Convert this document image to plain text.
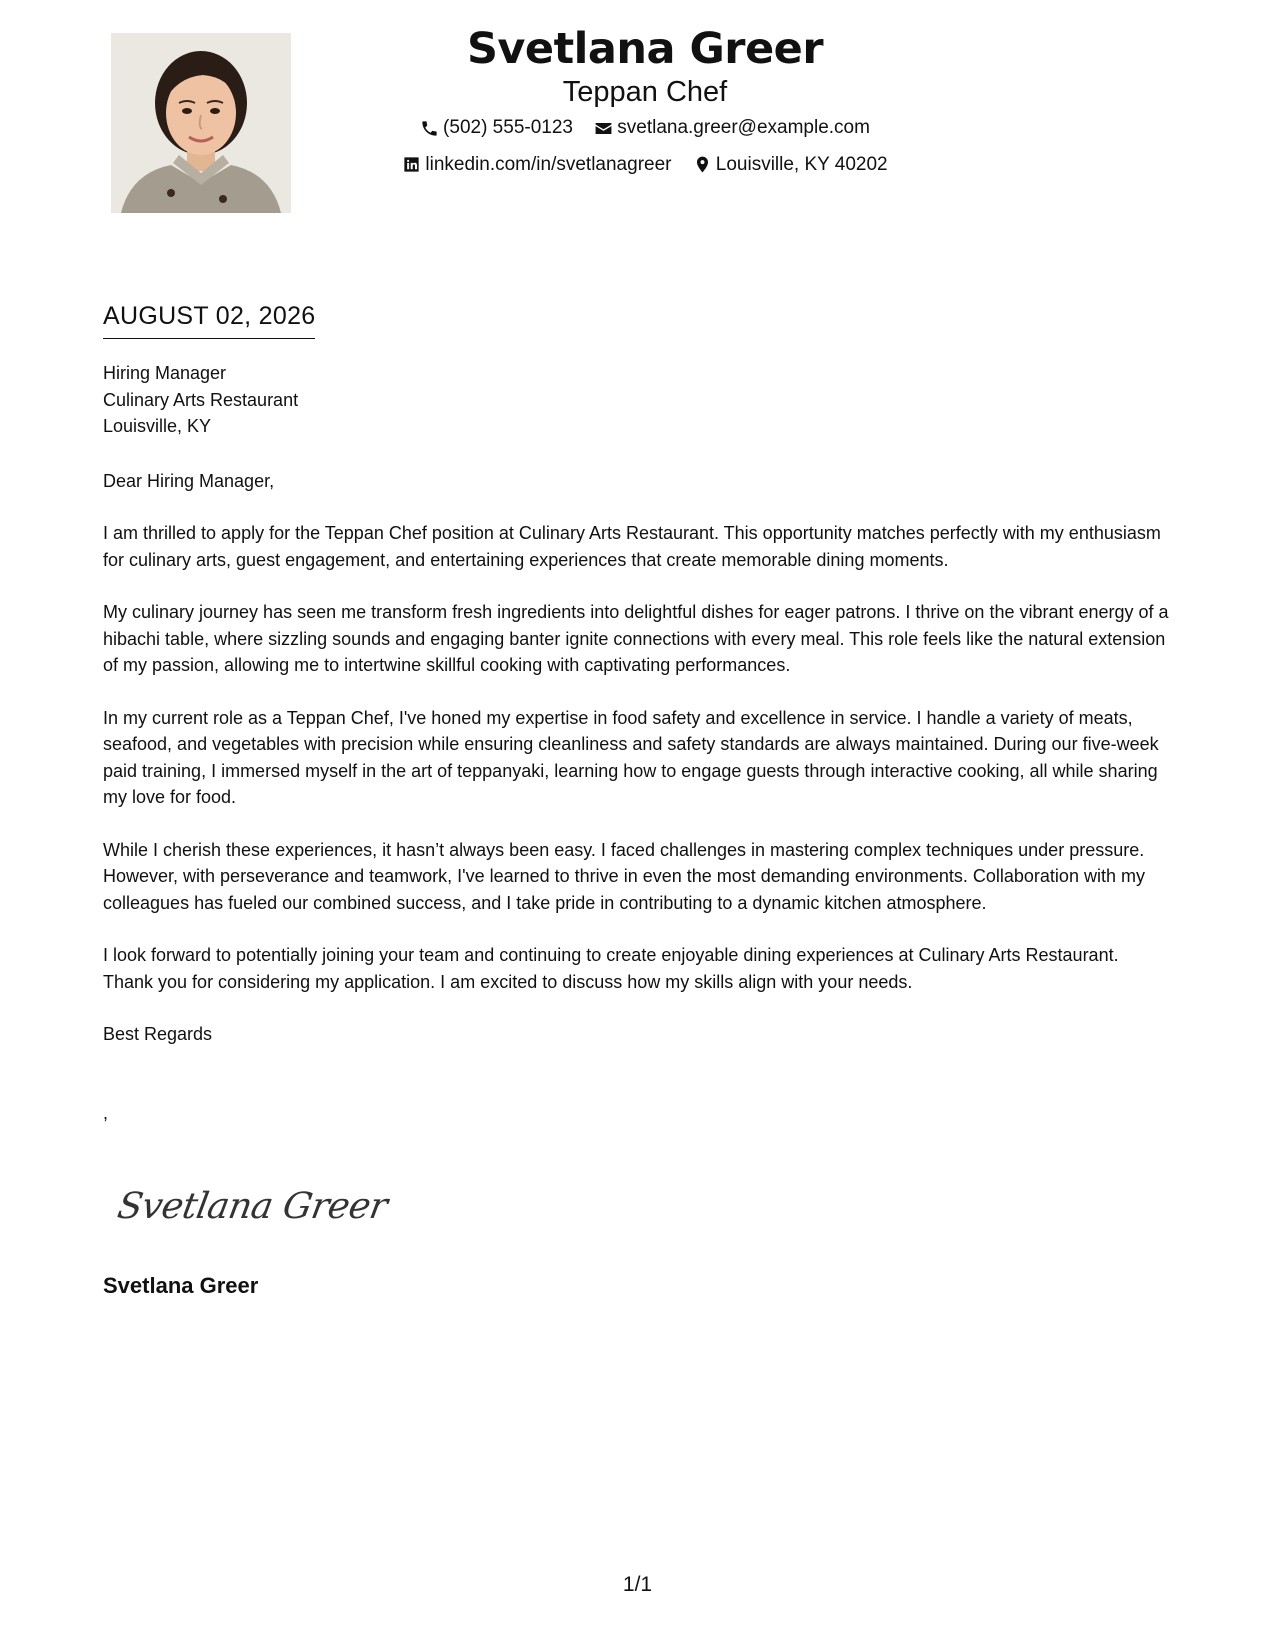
Svetlana Greer
Teppan Chef
(502) 555-0123
svetlana.greer@example.com
linkedin.com/in/svetlanagreer
Louisville, KY 40202
AUGUST 02, 2026
Hiring Manager
Culinary Arts Restaurant
Louisville, KY

Dear Hiring Manager,

I am thrilled to apply for the Teppan Chef position at Culinary Arts Restaurant. This opportunity matches perfectly with my enthusiasm for culinary arts, guest engagement, and entertaining experiences that create memorable dining moments.

My culinary journey has seen me transform fresh ingredients into delightful dishes for eager patrons. I thrive on the vibrant energy of a hibachi table, where sizzling sounds and engaging banter ignite connections with every meal. This role feels like the natural extension of my passion, allowing me to intertwine skillful cooking with captivating performances.

In my current role as a Teppan Chef, I've honed my expertise in food safety and excellence in service. I handle a variety of meats, seafood, and vegetables with precision while ensuring cleanliness and safety standards are always maintained. During our five-week paid training, I immersed myself in the art of teppanyaki, learning how to engage guests through interactive cooking, all while sharing my love for food.

While I cherish these experiences, it hasn’t always been easy. I faced challenges in mastering complex techniques under pressure. However, with perseverance and teamwork, I've learned to thrive in even the most demanding environments. Collaboration with my colleagues has fueled our combined success, and I take pride in contributing to a dynamic kitchen atmosphere.

I look forward to potentially joining your team and continuing to create enjoyable dining experiences at Culinary Arts Restaurant. Thank you for considering my application. I am excited to discuss how my skills align with your needs.

Best Regards

,

Svetlana Greer
Svetlana Greer
1/1
